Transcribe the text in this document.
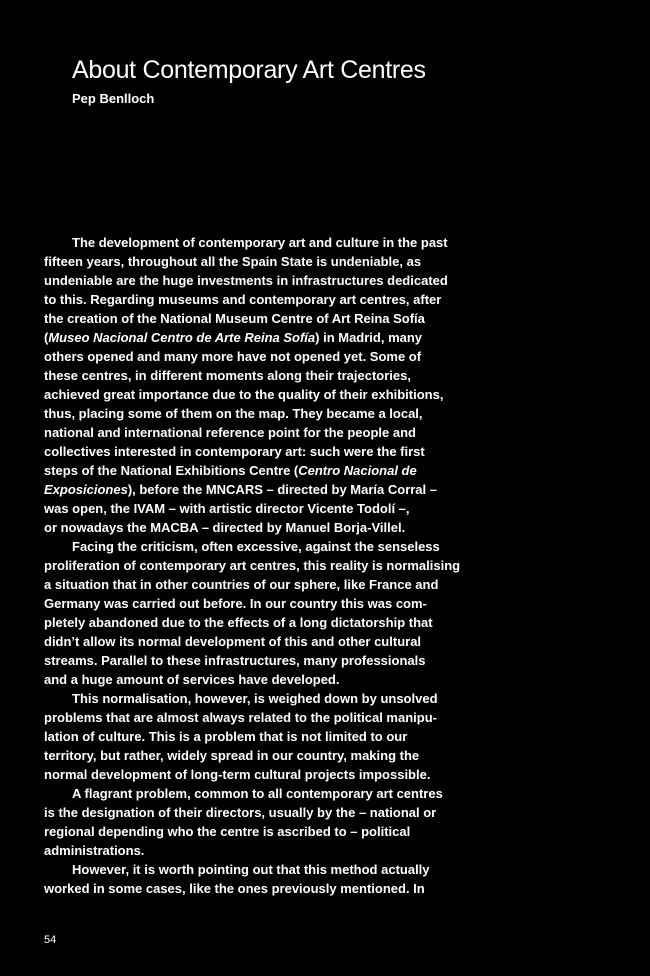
About Contemporary Art Centres
Pep Benlloch
The development of contemporary art and culture in the past
fifteen years, throughout all the Spain State is undeniable, as
undeniable are the huge investments in infrastructures dedicated
to this. Regarding museums and contemporary art centres, after
the creation of the National Museum Centre of Art Reina Sofía
(Museo Nacional Centro de Arte Reina Sofía) in Madrid, many
others opened and many more have not opened yet. Some of
these centres, in different moments along their trajectories,
achieved great importance due to the quality of their exhibitions,
thus, placing some of them on the map. They became a local,
national and international reference point for the people and
collectives interested in contemporary art: such were the first
steps of the National Exhibitions Centre (Centro Nacional de
Exposiciones), before the MNCARS – directed by María Corral –
was open, the IVAM – with artistic director Vicente Todolí –,
or nowadays the MACBA – directed by Manuel Borja-Villel.
Facing the criticism, often excessive, against the senseless
proliferation of contemporary art centres, this reality is normalising
a situation that in other countries of our sphere, like France and
Germany was carried out before. In our country this was com-
pletely abandoned due to the effects of a long dictatorship that
didn’t allow its normal development of this and other cultural
streams. Parallel to these infrastructures, many professionals
and a huge amount of services have developed.
This normalisation, however, is weighed down by unsolved
problems that are almost always related to the political manipu-
lation of culture. This is a problem that is not limited to our
territory, but rather, widely spread in our country, making the
normal development of long-term cultural projects impossible.
A flagrant problem, common to all contemporary art centres
is the designation of their directors, usually by the – national or
regional depending who the centre is ascribed to – political
administrations.
However, it is worth pointing out that this method actually
worked in some cases, like the ones previously mentioned. In
54
